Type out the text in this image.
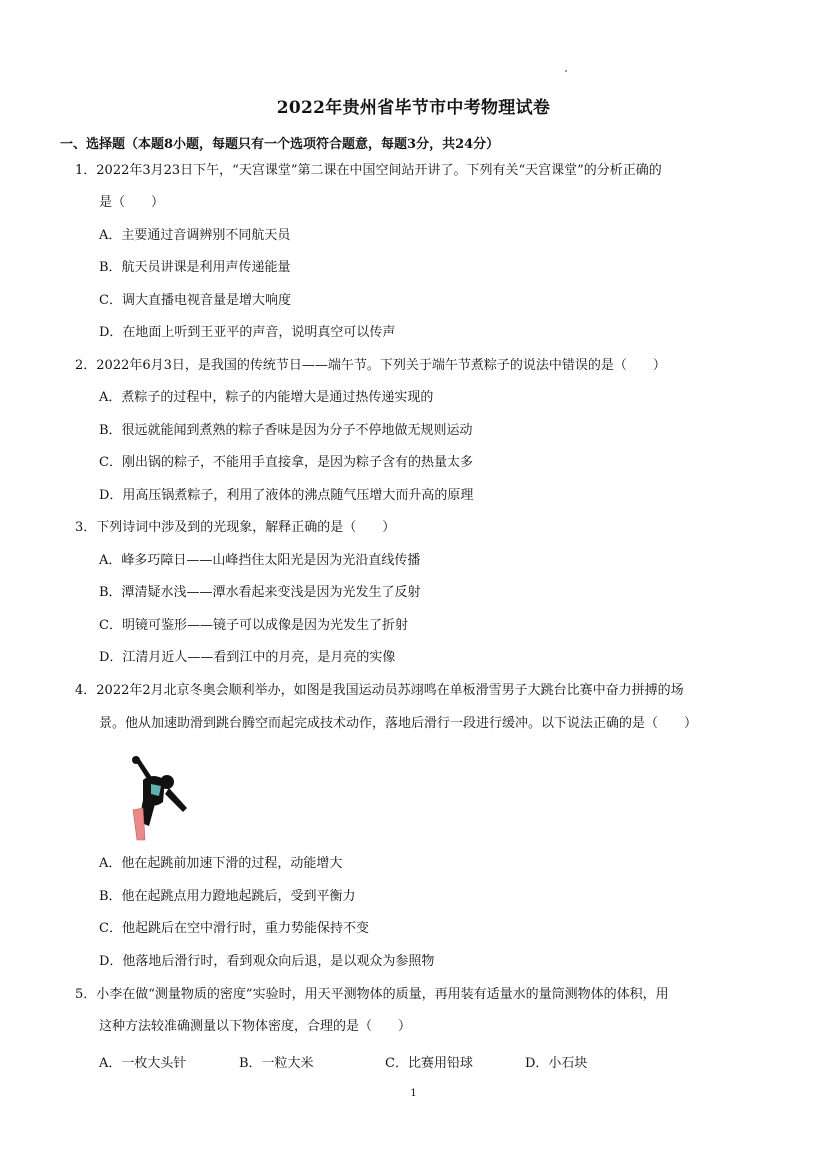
2022年贵州省毕节市中考物理试卷
一、选择题（本题8小题，每题只有一个选项符合题意，每题3分，共24分）
1．2022年3月23日下午，“天宫课堂”第二课在中国空间站开讲了。下列有关“天宫课堂”的分析正确的
是（　　）
A．主要通过音调辨别不同航天员
B．航天员讲课是利用声传递能量
C．调大直播电视音量是增大响度
D．在地面上听到王亚平的声音，说明真空可以传声
2．2022年6月3日，是我国的传统节日——端午节。下列关于端午节煮粽子的说法中错误的是（　　）
A．煮粽子的过程中，粽子的内能增大是通过热传递实现的
B．很远就能闻到煮熟的粽子香味是因为分子不停地做无规则运动
C．刚出锅的粽子，不能用手直接拿，是因为粽子含有的热量太多
D．用高压锅煮粽子，利用了液体的沸点随气压增大而升高的原理
3．下列诗词中涉及到的光现象，解释正确的是（　　）
A．峰多巧障日——山峰挡住太阳光是因为光沿直线传播
B．潭清疑水浅——潭水看起来变浅是因为光发生了反射
C．明镜可鉴形——镜子可以成像是因为光发生了折射
D．江清月近人——看到江中的月亮，是月亮的实像
4．2022年2月北京冬奥会顺利举办，如图是我国运动员苏翊鸣在单板滑雪男子大跳台比赛中奋力拼搏的场
景。他从加速助滑到跳台腾空而起完成技术动作，落地后滑行一段进行缓冲。以下说法正确的是（　　）
A．他在起跳前加速下滑的过程，动能增大
B．他在起跳点用力蹬地起跳后，受到平衡力
C．他起跳后在空中滑行时，重力势能保持不变
D．他落地后滑行时，看到观众向后退，是以观众为参照物
5．小李在做“测量物质的密度”实验时，用天平测物体的质量，再用装有适量水的量筒测物体的体积，用
这种方法较准确测量以下物体密度，合理的是（　　）
A．一枚大头针	B．一粒大米	C．比赛用铅球	D．小石块
1
